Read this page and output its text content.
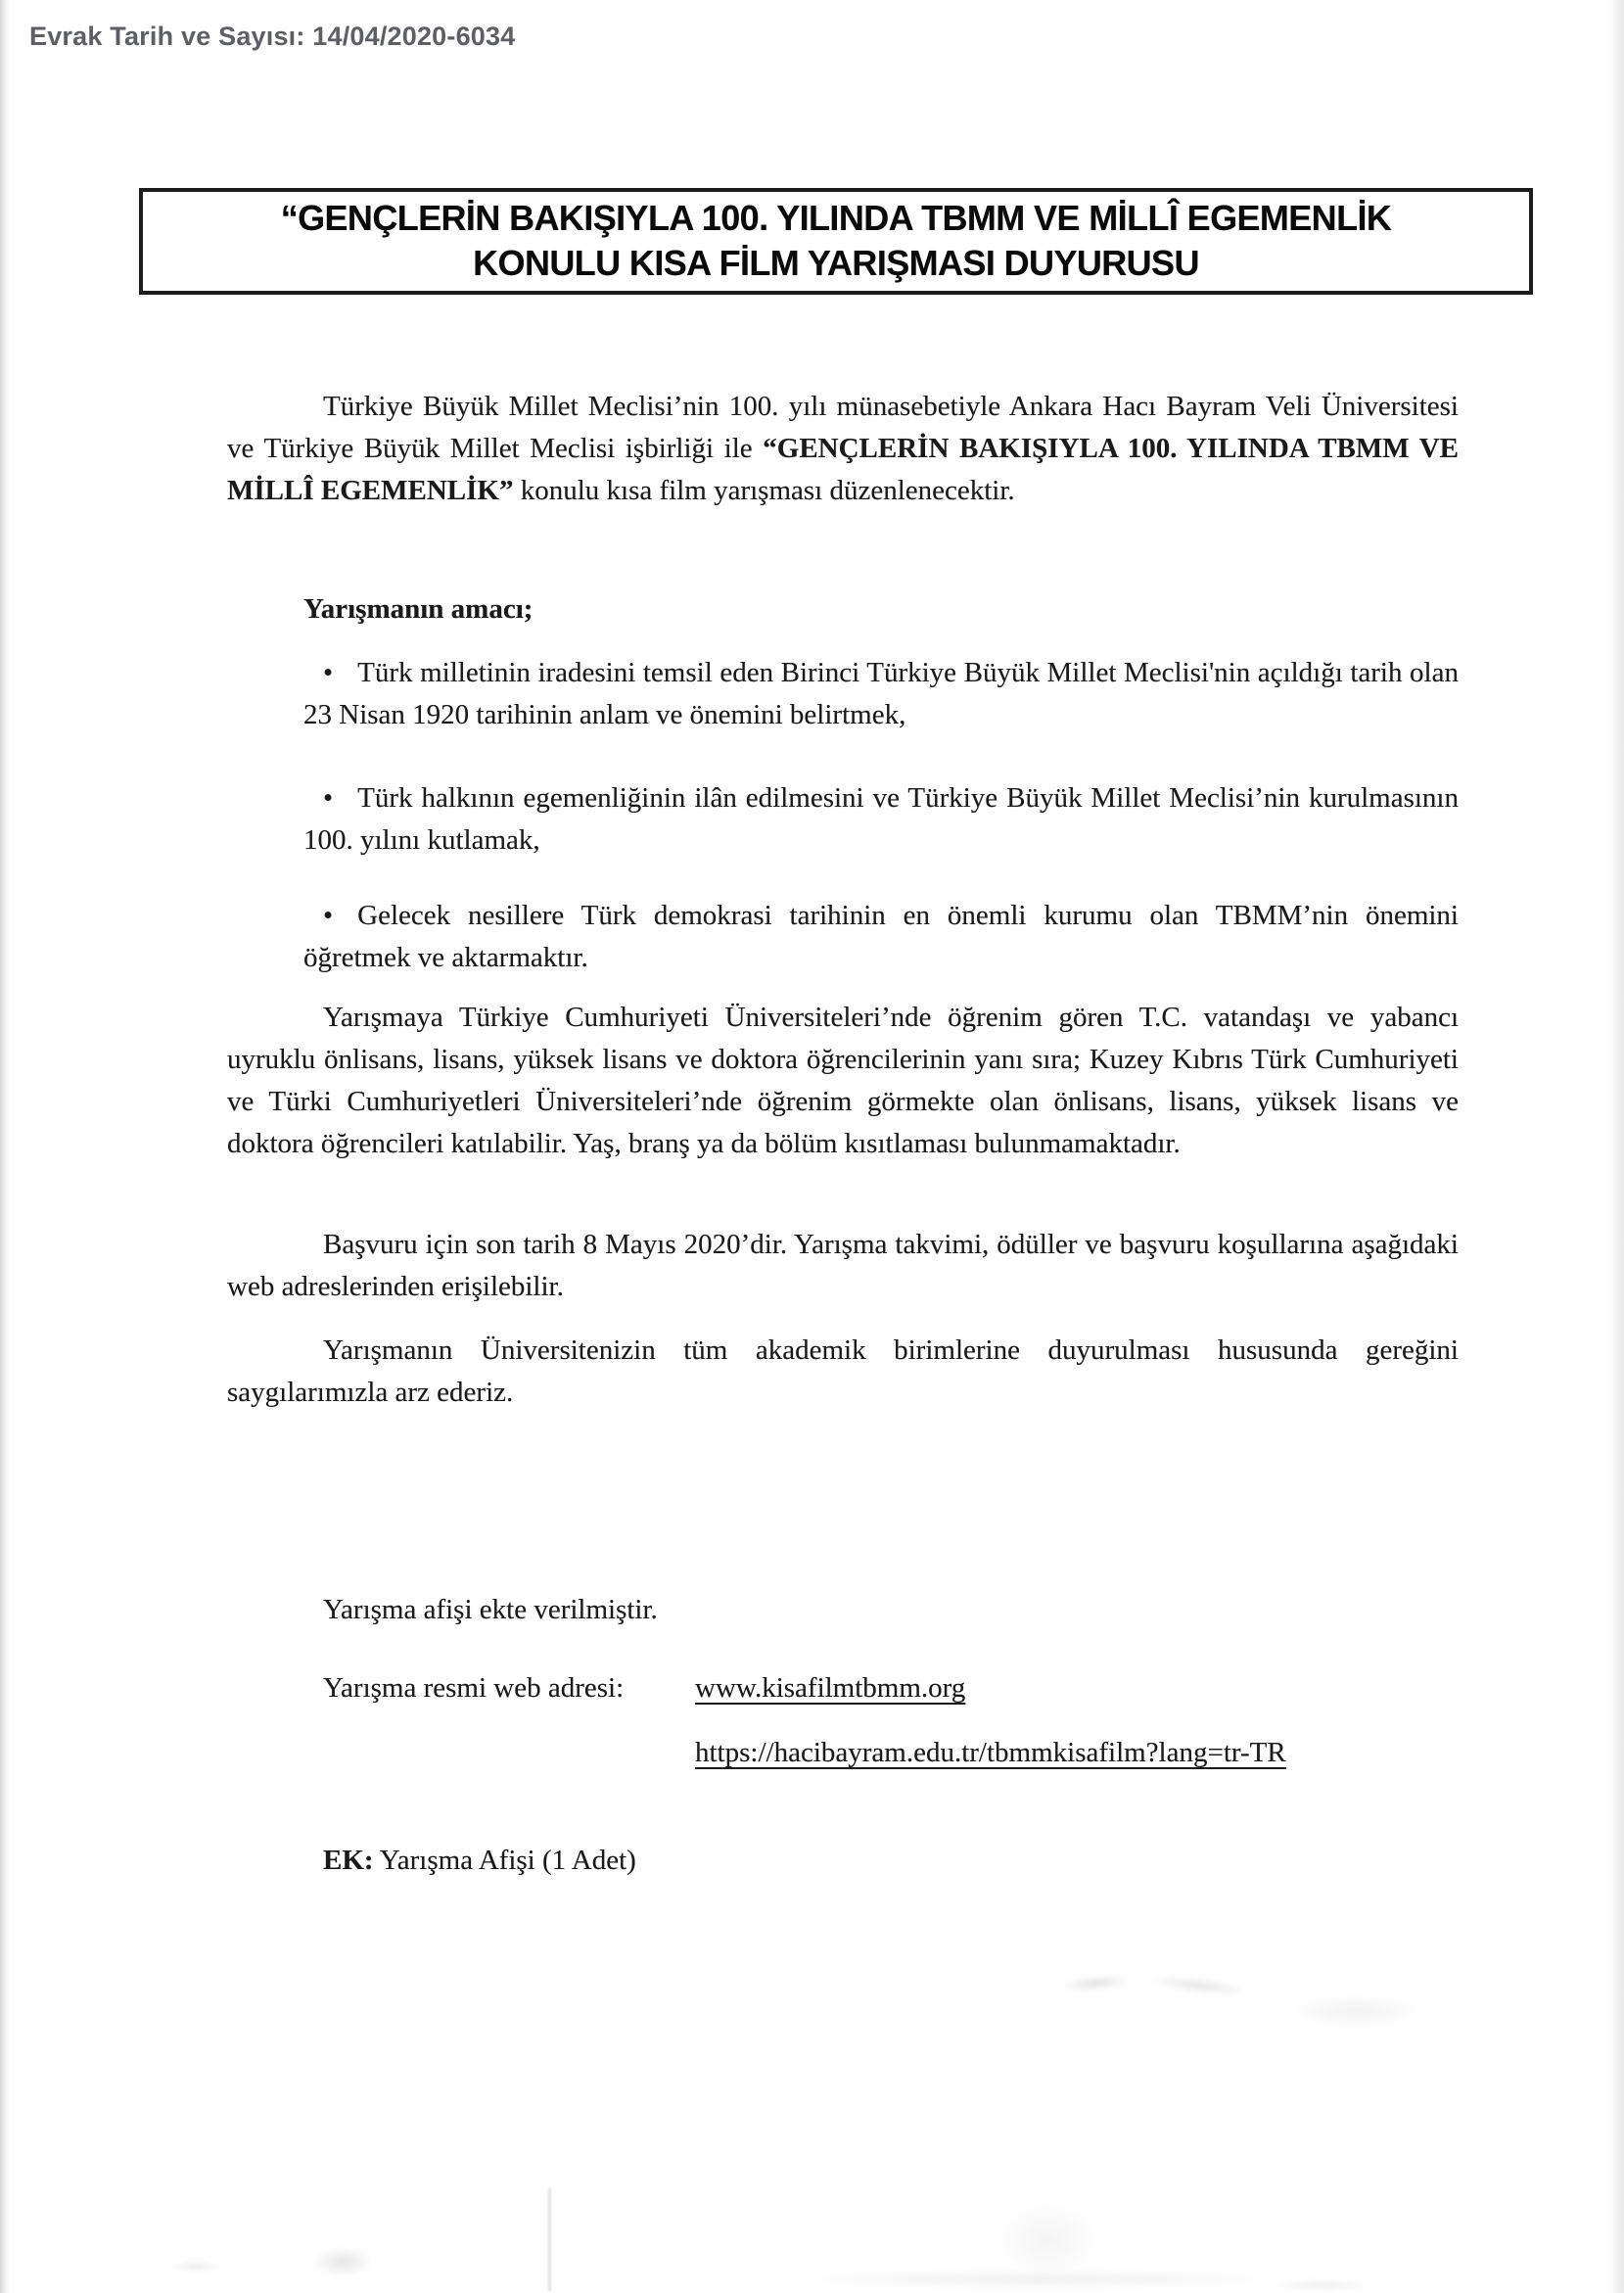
Evrak Tarih ve Sayısı: 14/04/2020-6034
“GENÇLERİN BAKIŞIYLA 100. YILINDA TBMM VE MİLLÎ EGEMENLİK
KONULU KISA FİLM YARIŞMASI DUYURUSU

Türkiye Büyük Millet Meclisi’nin 100. yılı münasebetiyle Ankara Hacı Bayram Veli Üniversitesi ve Türkiye Büyük Millet Meclisi işbirliği ile “GENÇLERİN BAKIŞIYLA 100. YILINDA TBMM VE MİLLÎ EGEMENLİK” konulu kısa film yarışması düzenlenecektir.

Yarışmanın amacı;

• Türk milletinin iradesini temsil eden Birinci Türkiye Büyük Millet Meclisi'nin açıldığı tarih olan 23 Nisan 1920 tarihinin anlam ve önemini belirtmek,

• Türk halkının egemenliğinin ilân edilmesini ve Türkiye Büyük Millet Meclisi’nin kurulmasının 100. yılını kutlamak,

• Gelecek nesillere Türk demokrasi tarihinin en önemli kurumu olan TBMM’nin önemini öğretmek ve aktarmaktır.

Yarışmaya Türkiye Cumhuriyeti Üniversiteleri’nde öğrenim gören T.C. vatandaşı ve yabancı uyruklu önlisans, lisans, yüksek lisans ve doktora öğrencilerinin yanı sıra; Kuzey Kıbrıs Türk Cumhuriyeti ve Türki Cumhuriyetleri Üniversiteleri’nde öğrenim görmekte olan önlisans, lisans, yüksek lisans ve doktora öğrencileri katılabilir. Yaş, branş ya da bölüm kısıtlaması bulunmamaktadır.

Başvuru için son tarih 8 Mayıs 2020’dir. Yarışma takvimi, ödüller ve başvuru koşullarına aşağıdaki web adreslerinden erişilebilir.

Yarışmanın Üniversitenizin tüm akademik birimlerine duyurulması hususunda gereğini saygılarımızla arz ederiz.

Yarışma afişi ekte verilmiştir.

Yarışma resmi web adresi:	www.kisafilmtbmm.org
https://hacibayram.edu.tr/tbmmkisafilm?lang=tr-TR

EK: Yarışma Afişi (1 Adet)
